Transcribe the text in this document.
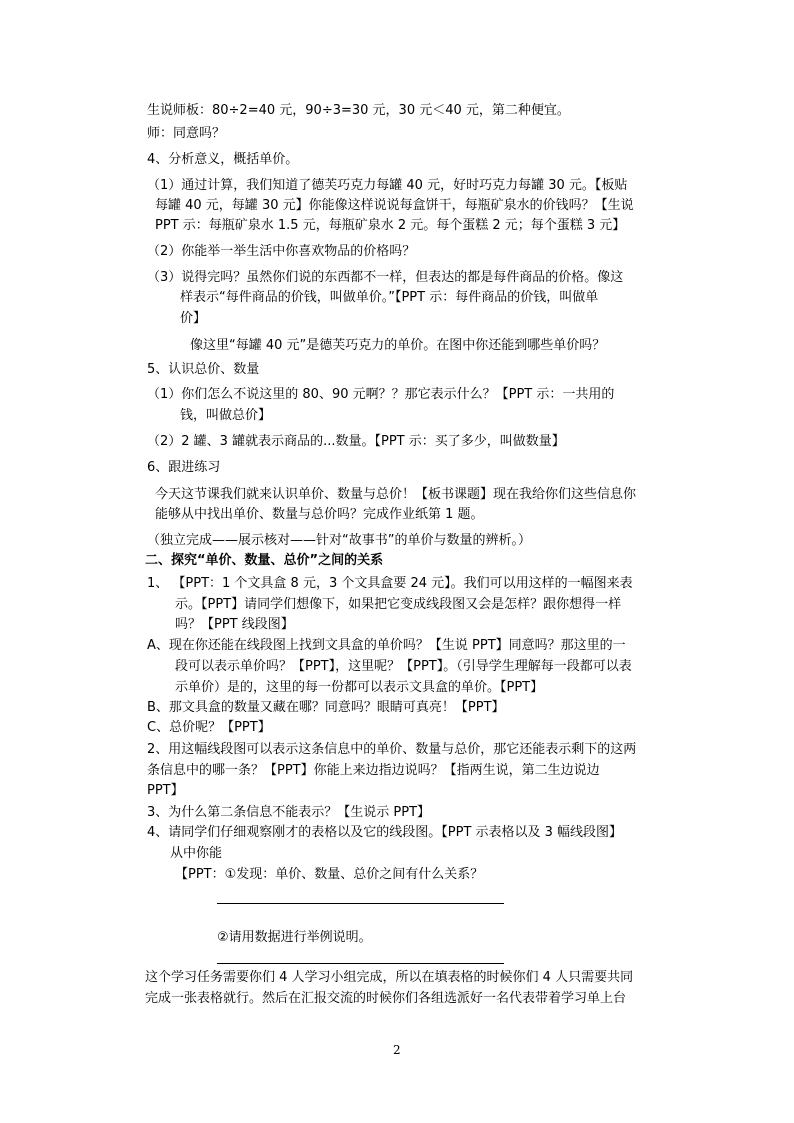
生说师板：80÷2=40 元，90÷3=30 元，30 元＜40 元，第二种便宜。
师：同意吗？
4、分析意义，概括单价。
（1）通过计算，我们知道了德芙巧克力每罐 40 元，好时巧克力每罐 30 元。【板贴
每罐 40 元，每罐 30 元】你能像这样说说每盒饼干，每瓶矿泉水的价钱吗？【生说
PPT 示：每瓶矿泉水 1.5 元，每瓶矿泉水 2 元。每个蛋糕 2 元；每个蛋糕 3 元】
（2）你能举一举生活中你喜欢物品的价格吗？
（3）说得完吗？虽然你们说的东西都不一样，但表达的都是每件商品的价格。像这
样表示“每件商品的价钱，叫做单价。”【PPT 示：每件商品的价钱，叫做单
价】
像这里“每罐 40 元”是德芙巧克力的单价。在图中你还能到哪些单价吗？
5、认识总价、数量
（1）你们怎么不说这里的 80、90 元啊？？那它表示什么？【PPT 示：一共用的
钱，叫做总价】
（2）2 罐、3 罐就表示商品的...数量。【PPT 示：买了多少，叫做数量】
6、跟进练习
今天这节课我们就来认识单价、数量与总价！【板书课题】现在我给你们这些信息你
能够从中找出单价、数量与总价吗？完成作业纸第 1 题。
（独立完成——展示核对——针对“故事书”的单价与数量的辨析。）
二、探究“单价、数量、总价”之间的关系
1、 【PPT：1 个文具盒 8 元，3 个文具盒要 24 元】。我们可以用这样的一幅图来表
示。【PPT】请同学们想像下，如果把它变成线段图又会是怎样？跟你想得一样
吗？【PPT 线段图】
A、现在你还能在线段图上找到文具盒的单价吗？【生说 PPT】同意吗？那这里的一
段可以表示单价吗？【PPT】，这里呢？【PPT】。（引导学生理解每一段都可以表
示单价）是的，这里的每一份都可以表示文具盒的单价。【PPT】
B、那文具盒的数量又藏在哪？同意吗？眼睛可真亮！【PPT】
C、总价呢？【PPT】
2、用这幅线段图可以表示这条信息中的单价、数量与总价，那它还能表示剩下的这两
条信息中的哪一条？【PPT】你能上来边指边说吗？【指两生说，第二生边说边
PPT】
3、为什么第二条信息不能表示？【生说示 PPT】
4、请同学们仔细观察刚才的表格以及它的线段图。【PPT 示表格以及 3 幅线段图】
从中你能
【PPT：①发现：单价、数量、总价之间有什么关系？
②请用数据进行举例说明。
这个学习任务需要你们 4 人学习小组完成，所以在填表格的时候你们 4 人只需要共同
完成一张表格就行。然后在汇报交流的时候你们各组选派好一名代表带着学习单上台
2
